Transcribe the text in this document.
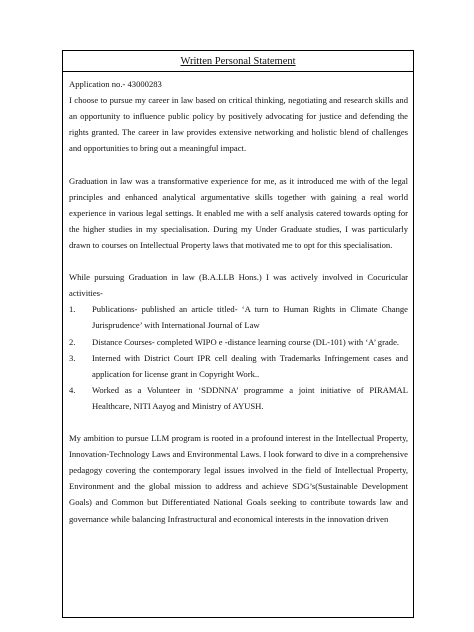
Written Personal Statement

Application no.- 43000283

I choose to pursue my career in law based on critical thinking, negotiating and research skills and an opportunity to influence public policy by positively advocating for justice and defending the rights granted. The career in law provides extensive networking and holistic blend of challenges and opportunities to bring out a meaningful impact.

Graduation in law was a transformative experience for me, as it introduced me with of the legal principles and enhanced analytical argumentative skills together with gaining a real world experience in various legal settings. It enabled me with a self analysis catered towards opting for the higher studies in my specialisation. During my Under Graduate studies, I was particularly drawn to courses on Intellectual Property laws that motivated me to opt for this specialisation.

While pursuing Graduation in law (B.A.LLB Hons.) I was actively involved in Cocuricular activities-

1. Publications- published an article titled- ‘A turn to Human Rights in Climate Change Jurisprudence’ with International Journal of Law
2. Distance Courses- completed WIPO e -distance learning course (DL-101) with ‘A’ grade.
3. Interned with District Court IPR cell dealing with Trademarks Infringement cases and application for license grant in Copyright Work..
4. Worked as a Volunteer in ‘SDDNNA’ programme a joint initiative of PIRAMAL Healthcare, NITI Aayog and Ministry of AYUSH.

My ambition to pursue LLM program is rooted in a profound interest in the Intellectual Property, Innovation-Technology Laws and Environmental Laws. I look forward to dive in a comprehensive pedagogy covering the contemporary legal issues involved in the field of Intellectual Property, Environment and the global mission to address and achieve SDG’s(Sustainable Development Goals) and Common but Differentiated National Goals seeking to contribute towards law and governance while balancing Infrastructural and economical interests in the innovation driven
